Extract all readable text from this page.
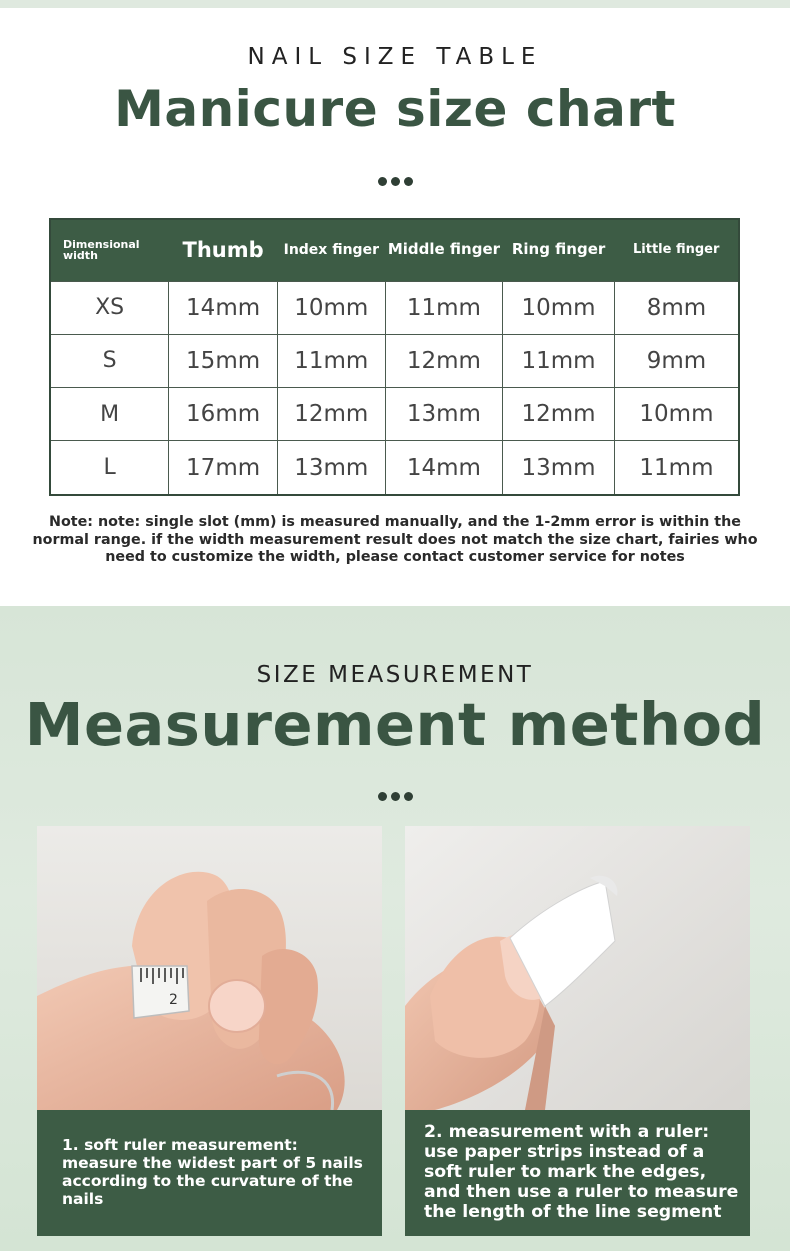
NAIL SIZE TABLE
Manicure size chart
Dimensional width	Thumb	Index finger	Middle finger	Ring finger	Little finger
XS	14mm	10mm	11mm	10mm	8mm
S	15mm	11mm	12mm	11mm	9mm
M	16mm	12mm	13mm	12mm	10mm
L	17mm	13mm	14mm	13mm	11mm
Note: note: single slot (mm) is measured manually, and the 1-2mm error is within the normal range. if the width measurement result does not match the size chart, fairies who need to customize the width, please contact customer service for notes
SIZE MEASUREMENT
Measurement method
2
1. soft ruler measurement: measure the widest part of 5 nails according to the curvature of the nails
2. measurement with a ruler: use paper strips instead of a soft ruler to mark the edges, and then use a ruler to measure the length of the line segment
